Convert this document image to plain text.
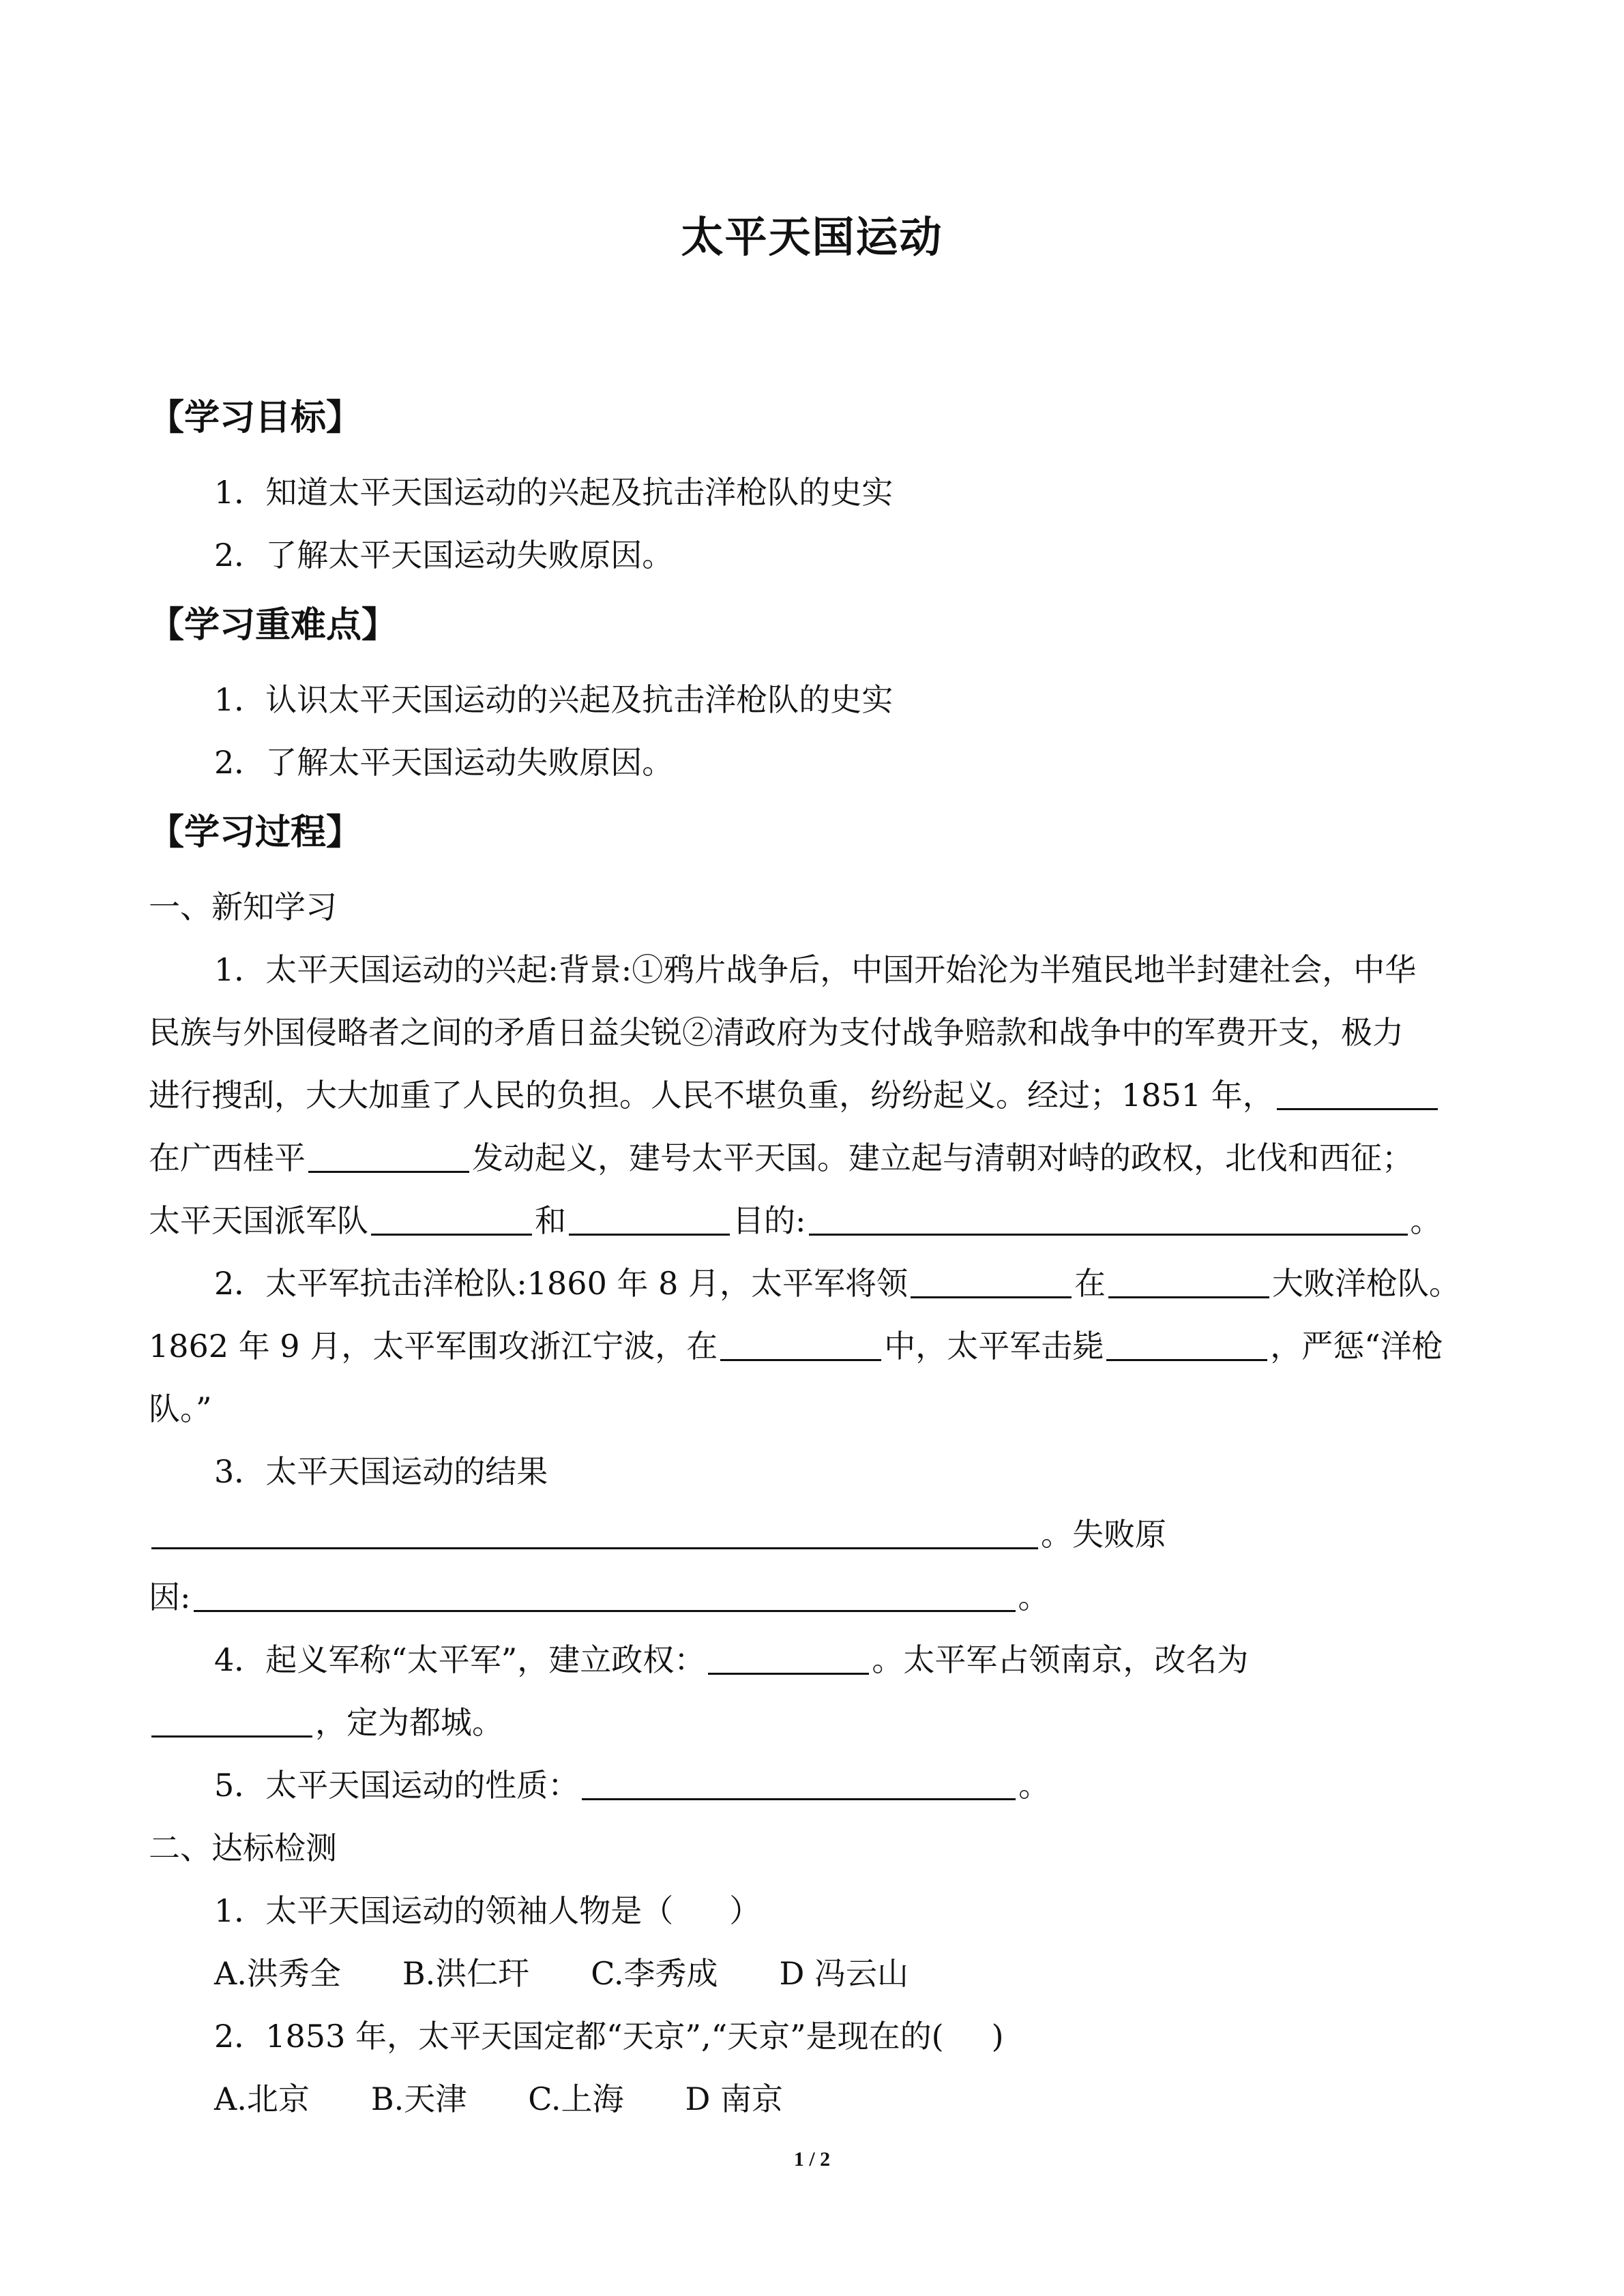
太平天国运动
【学习目标】
1．知道太平天国运动的兴起及抗击洋枪队的史实
2．了解太平天国运动失败原因。
【学习重难点】
1．认识太平天国运动的兴起及抗击洋枪队的史实
2．了解太平天国运动失败原因。
【学习过程】
一、新知学习
1．太平天国运动的兴起:背景:①鸦片战争后，中国开始沦为半殖民地半封建社会，中华
民族与外国侵略者之间的矛盾日益尖锐②清政府为支付战争赔款和战争中的军费开支，极力
进行搜刮，大大加重了人民的负担。人民不堪负重，纷纷起义。经过；1851 年，
在广西桂平	发动起义，建号太平天国。建立起与清朝对峙的政权，北伐和西征；
太平天国派军队	和	目的:	。
2．太平军抗击洋枪队:1860 年 8 月，太平军将领	在	大败洋枪队。
1862 年 9 月，太平军围攻浙江宁波，在	中，太平军击毙	，严惩“洋枪
队。”
3．太平天国运动的结果
。失败原
因:	。
4．起义军称“太平军”，建立政权：	。太平军占领南京，改名为
，定为都城。
5．太平天国运动的性质：	。
二、达标检测
1．太平天国运动的领袖人物是（ ）
A.洪秀全 B.洪仁玕 C.李秀成 D 冯云山
2．1853 年，太平天国定都“天京”,“天京”是现在的( )
A.北京 B.天津 C.上海 D 南京
1 / 2
